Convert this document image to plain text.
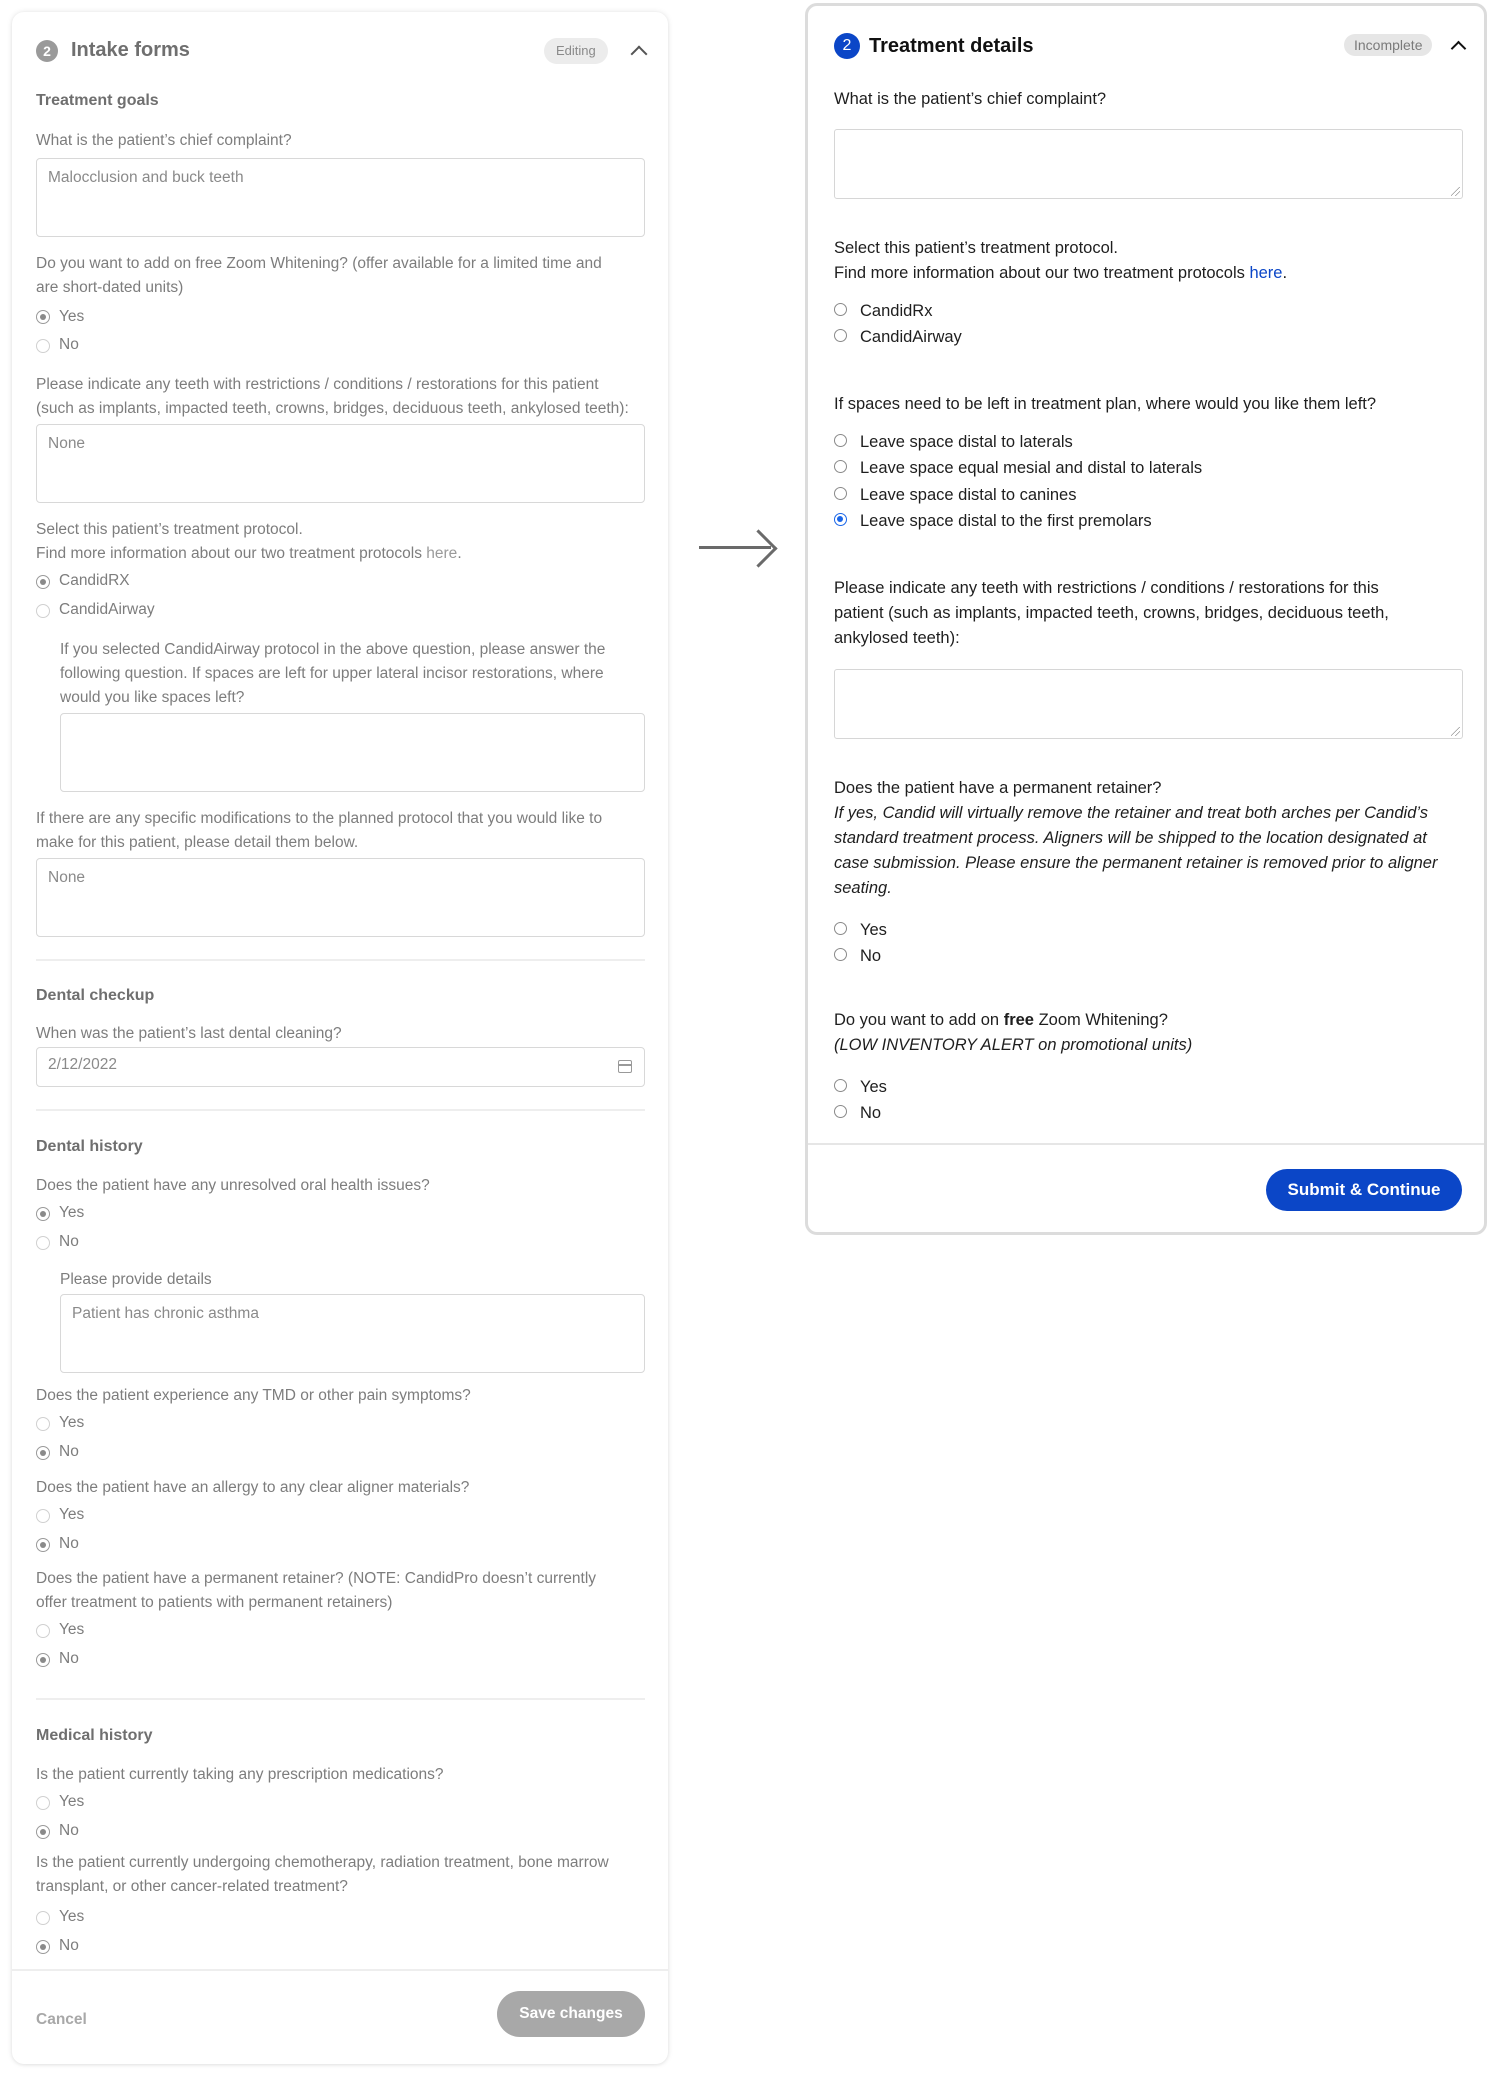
2	Intake forms	Editing
Treatment goals
What is the patient’s chief complaint?
Malocclusion and buck teeth
Do you want to add on free Zoom Whitening? (offer available for a limited time and
are short-dated units)
Yes
No
Please indicate any teeth with restrictions / conditions / restorations for this patient
(such as implants, impacted teeth, crowns, bridges, deciduous teeth, ankylosed teeth):
None
Select this patient’s treatment protocol.
Find more information about our two treatment protocols here.
CandidRX
CandidAirway
If you selected CandidAirway protocol in the above question, please answer the
following question. If spaces are left for upper lateral incisor restorations, where
would you like spaces left?
If there are any specific modifications to the planned protocol that you would like to
make for this patient, please detail them below.
None
Dental checkup
When was the patient’s last dental cleaning?
2/12/2022
Dental history
Does the patient have any unresolved oral health issues?
Yes
No
Please provide details
Patient has chronic asthma
Does the patient experience any TMD or other pain symptoms?
Yes
No
Does the patient have an allergy to any clear aligner materials?
Yes
No
Does the patient have a permanent retainer? (NOTE: CandidPro doesn’t currently
offer treatment to patients with permanent retainers)
Yes
No
Medical history
Is the patient currently taking any prescription medications?
Yes
No
Is the patient currently undergoing chemotherapy, radiation treatment, bone marrow
transplant, or other cancer-related treatment?
Yes
No
Cancel	Save changes
2 Treatment details	Incomplete
What is the patient’s chief complaint?
Select this patient’s treatment protocol.
Find more information about our two treatment protocols here.
CandidRx
CandidAirway
If spaces need to be left in treatment plan, where would you like them left?
Leave space distal to laterals
Leave space equal mesial and distal to laterals
Leave space distal to canines
Leave space distal to the first premolars
Please indicate any teeth with restrictions / conditions / restorations for this
patient (such as implants, impacted teeth, crowns, bridges, deciduous teeth,
ankylosed teeth):
Does the patient have a permanent retainer?
If yes, Candid will virtually remove the retainer and treat both arches per Candid’s
standard treatment process. Aligners will be shipped to the location designated at
case submission. Please ensure the permanent retainer is removed prior to aligner
seating.
Yes
No
Do you want to add on free Zoom Whitening?
(LOW INVENTORY ALERT on promotional units)
Yes
No
Submit & Continue
